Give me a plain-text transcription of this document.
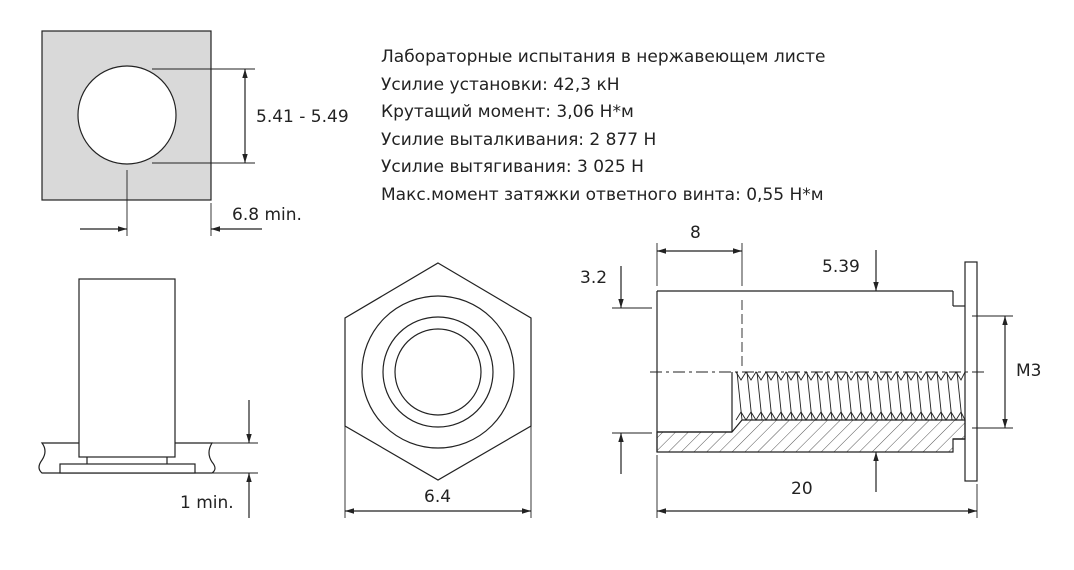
5.41 - 5.49
6.8 min.
1 min.	6.4
8
3.2
5.39
M3
20
Лабораторные испытания в нержавеющем листе
Усилие установки: 42,3 кН
Крутащий момент: 3,06 Н*м
Усилие выталкивания: 2 877 Н
Усилие вытягивания: 3 025 Н
Макс.момент затяжки ответного винта: 0,55 Н*м
